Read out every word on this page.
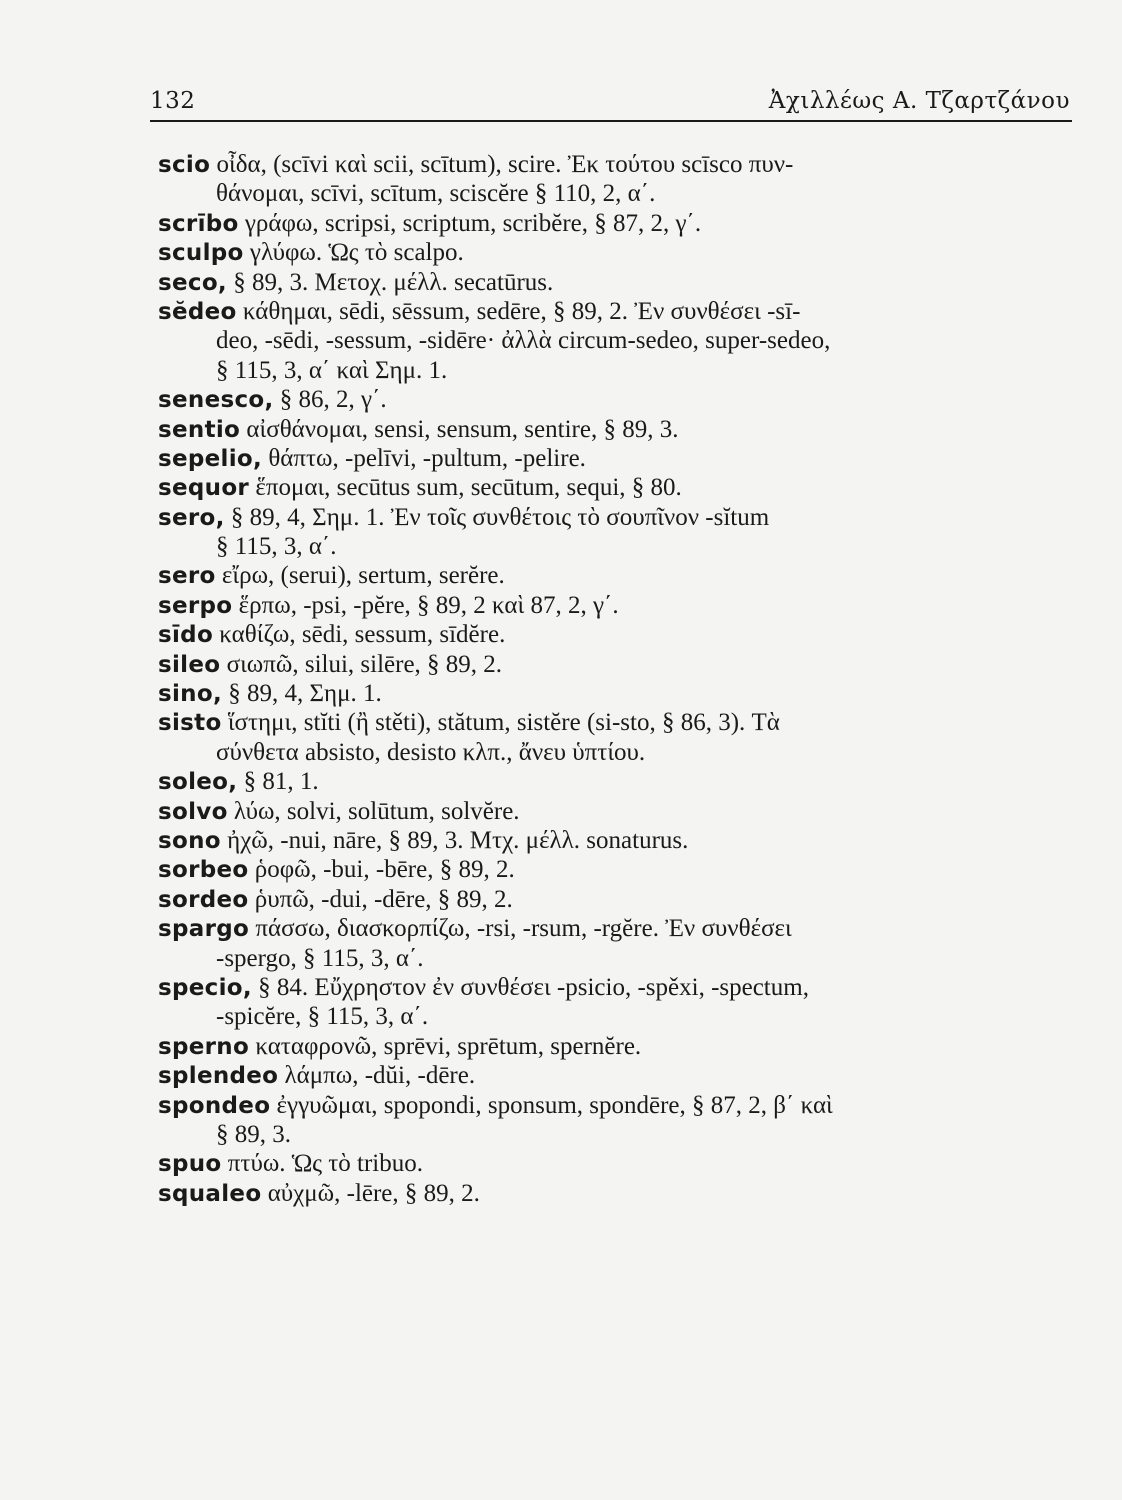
132	Ἀχιλλέως Α. Τζαρτζάνου
scio οἶδα, (scīvi καὶ scii, scītum), scire. Ἐκ τούτου scīsco πυν-
θάνομαι, scīvi, scītum, sciscĕre § 110, 2, α΄.
scrībo γράφω, scripsi, scriptum, scribĕre, § 87, 2, γ΄.
sculpo γλύφω. Ὡς τὸ scalpo.
seco, § 89, 3. Μετοχ. μέλλ. secatūrus.
sĕdeo κάθημαι, sēdi, sēssum, sedēre, § 89, 2. Ἐν συνθέσει -sī-
deo, -sēdi, -sessum, -sidēre· ἀλλὰ circum-sedeo, super-sedeo,
§ 115, 3, α΄ καὶ Σημ. 1.
senesco, § 86, 2, γ΄.
sentio αἰσθάνομαι, sensi, sensum, sentire, § 89, 3.
sepelio, θάπτω, -pelīvi, -pultum, -pelire.
sequor ἕπομαι, secūtus sum, secūtum, sequi, § 80.
sero, § 89, 4, Σημ. 1. Ἐν τοῖς συνθέτοις τὸ σουπῖνον -sĭtum
§ 115, 3, α΄.
sero εἴρω, (serui), sertum, serĕre.
serpo ἕρπω, -psi, -pĕre, § 89, 2 καὶ 87, 2, γ΄.
sīdo καθίζω, sēdi, sessum, sīdĕre.
sileo σιωπῶ, silui, silēre, § 89, 2.
sino, § 89, 4, Σημ. 1.
sisto ἵστημι, stĭti (ἢ stěti), stătum, sistĕre (si-sto, § 86, 3). Τὰ
σύνθετα absisto, desisto κλπ., ἄνευ ὑπτίου.
soleo, § 81, 1.
solvo λύω, solvi, solūtum, solvĕre.
sono ἠχῶ, -nui, nāre, § 89, 3. Μτχ. μέλλ. sonaturus.
sorbeo ῥοφῶ, -bui, -bēre, § 89, 2.
sordeo ῥυπῶ, -dui, -dēre, § 89, 2.
spargo πάσσω, διασκορπίζω, -rsi, -rsum, -rgĕre. Ἐν συνθέσει
-spergo, § 115, 3, α΄.
specio, § 84. Εὔχρηστον ἐν συνθέσει -psicio, -spěxi, -spectum,
-spicĕre, § 115, 3, α΄.
sperno καταφρονῶ, sprēvi, sprētum, spernĕre.
splendeo λάμπω, -dŭi, -dēre.
spondeo ἐγγυῶμαι, spopondi, sponsum, spondēre, § 87, 2, β΄ καὶ
§ 89, 3.
spuo πτύω. Ὡς τὸ tribuo.
squaleo αὐχμῶ, -lēre, § 89, 2.
